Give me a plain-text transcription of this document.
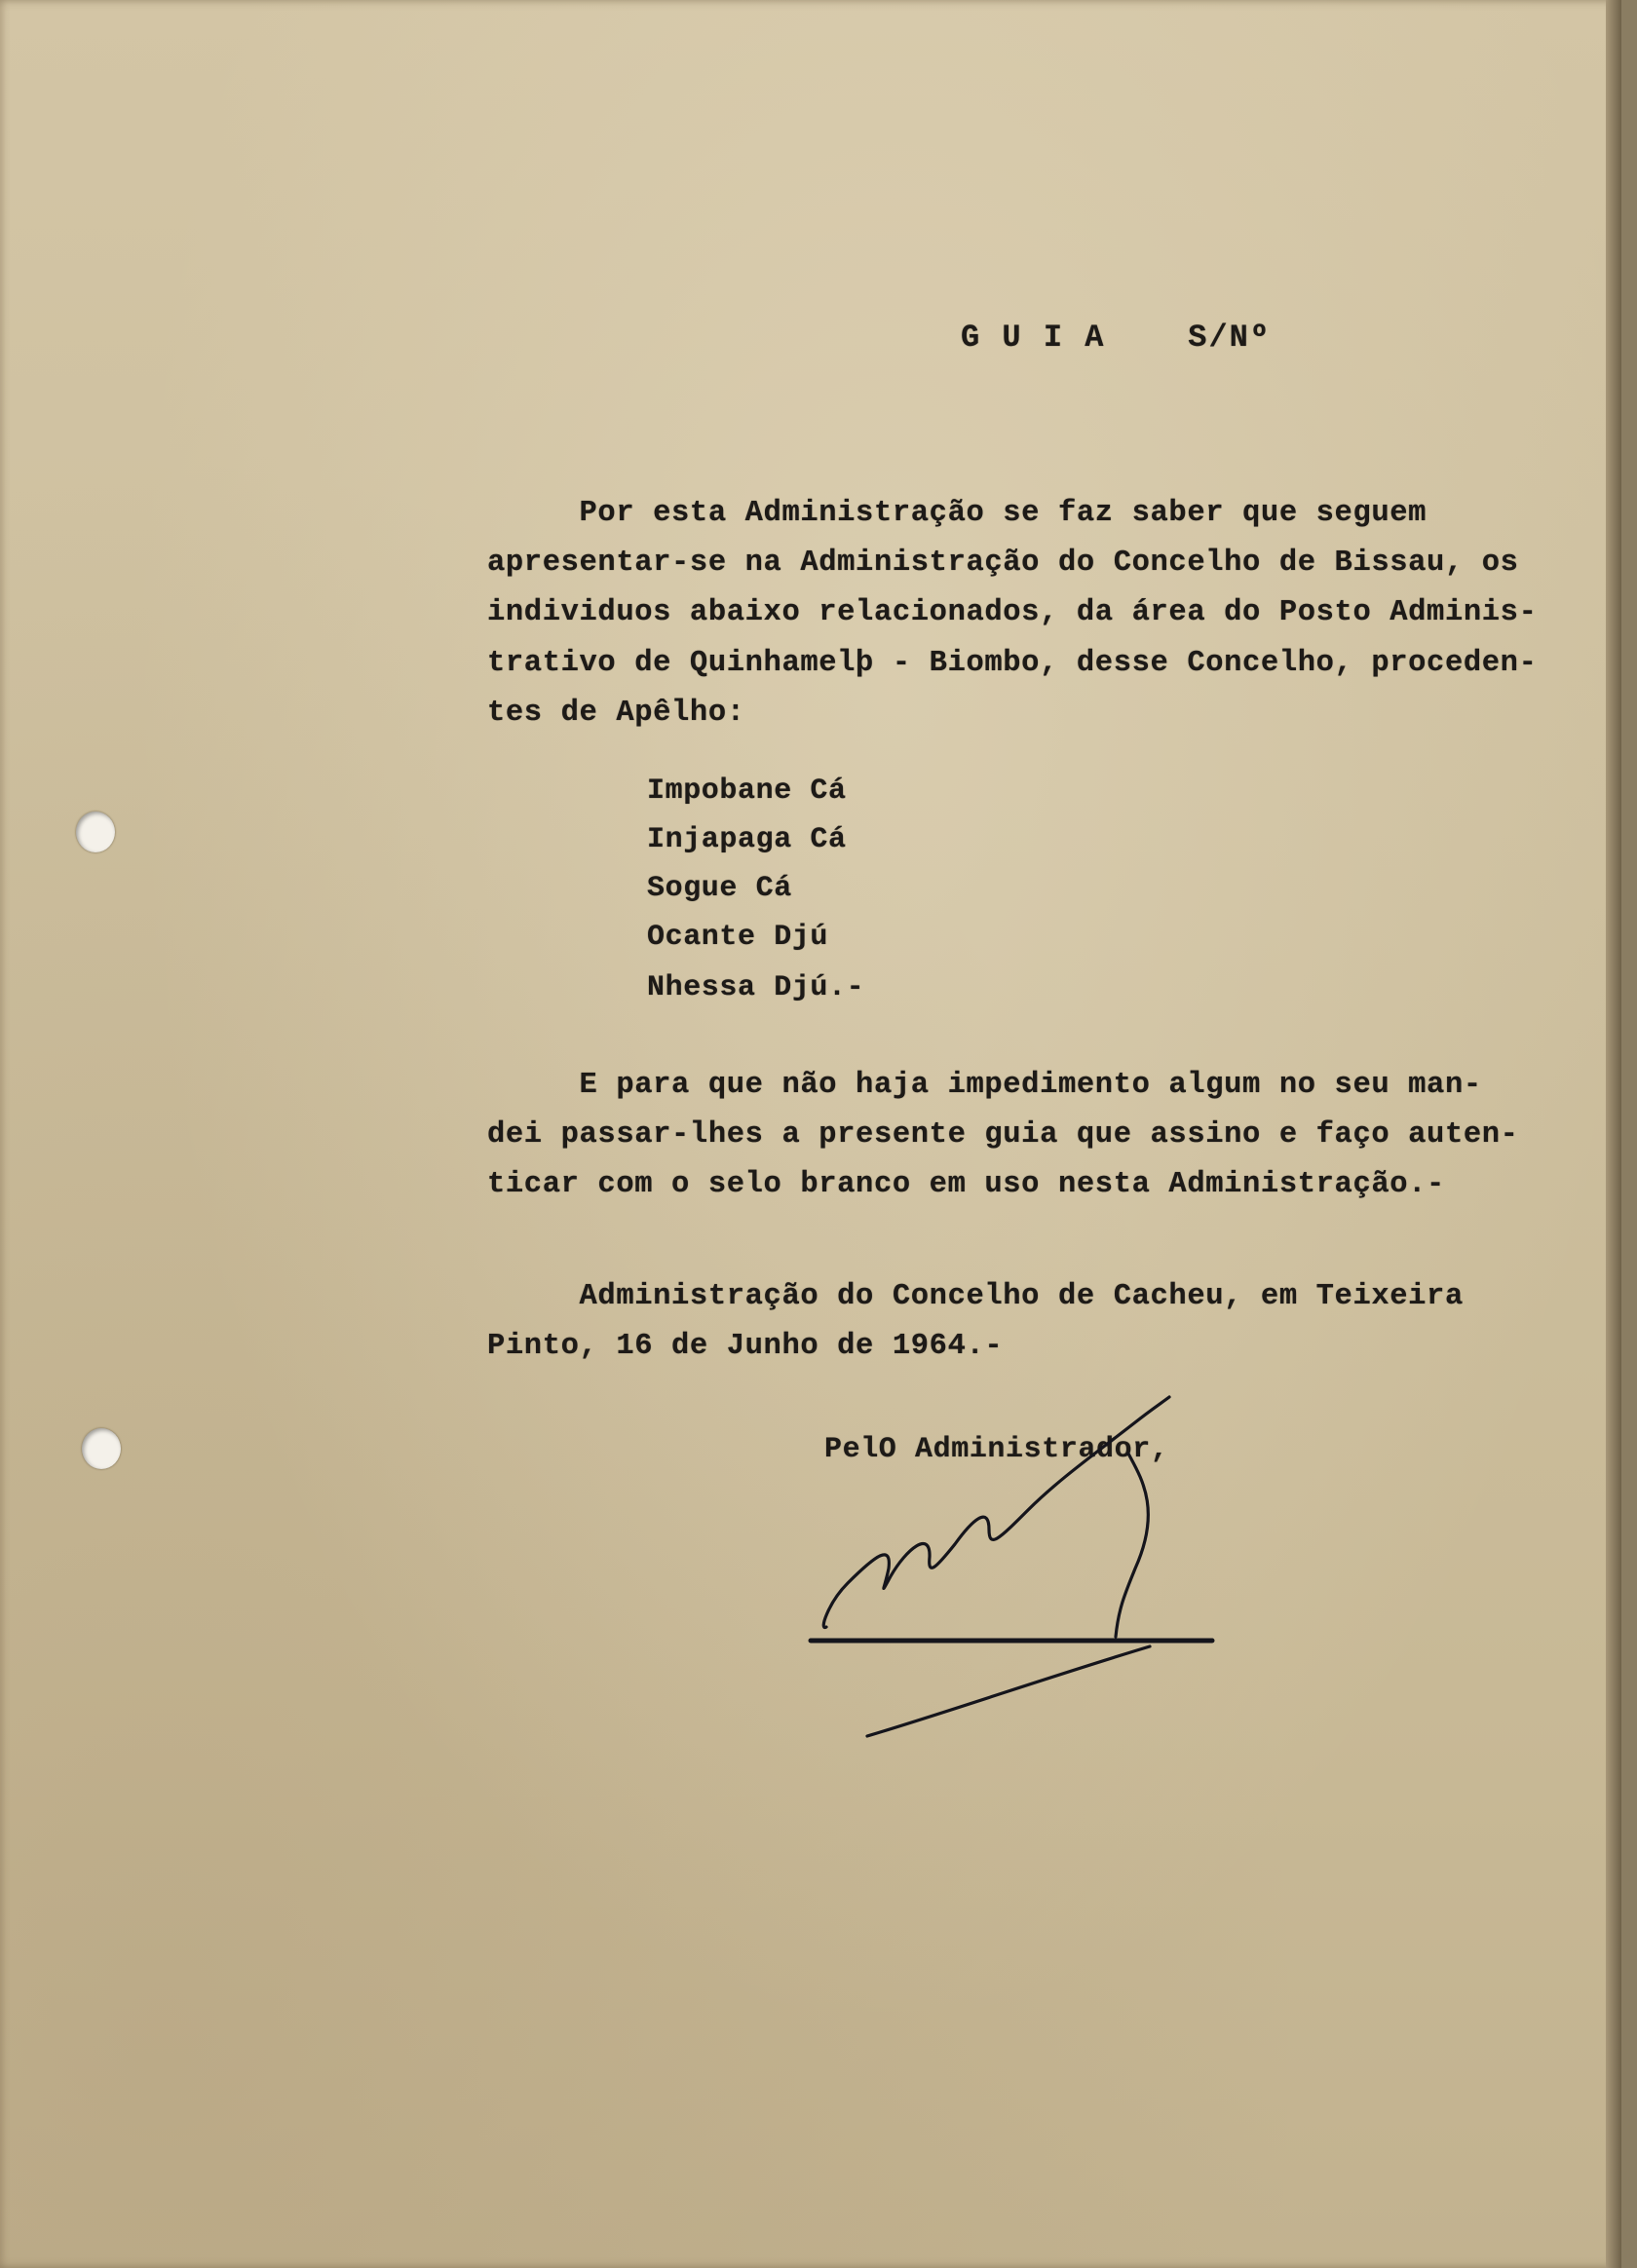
G U I A    S/Nº
Por esta Administração se faz saber que seguem
apresentar-se na Administração do Concelho de Bissau, os
individuos abaixo relacionados, da área do Posto Adminis-
trativo de Quinhamelþ - Biombo, desse Concelho, proceden-
tes de Apêlho:
Impobane Cá
Injapaga Cá
Sogue Cá
Ocante Djú
Nhessa Djú.-
E para que não haja impedimento algum no seu man-
dei passar-lhes a presente guia que assino e faço auten-
ticar com o selo branco em uso nesta Administração.-
Administração do Concelho de Cacheu, em Teixeira
Pinto, 16 de Junho de 1964.-
PelO Administrador,
